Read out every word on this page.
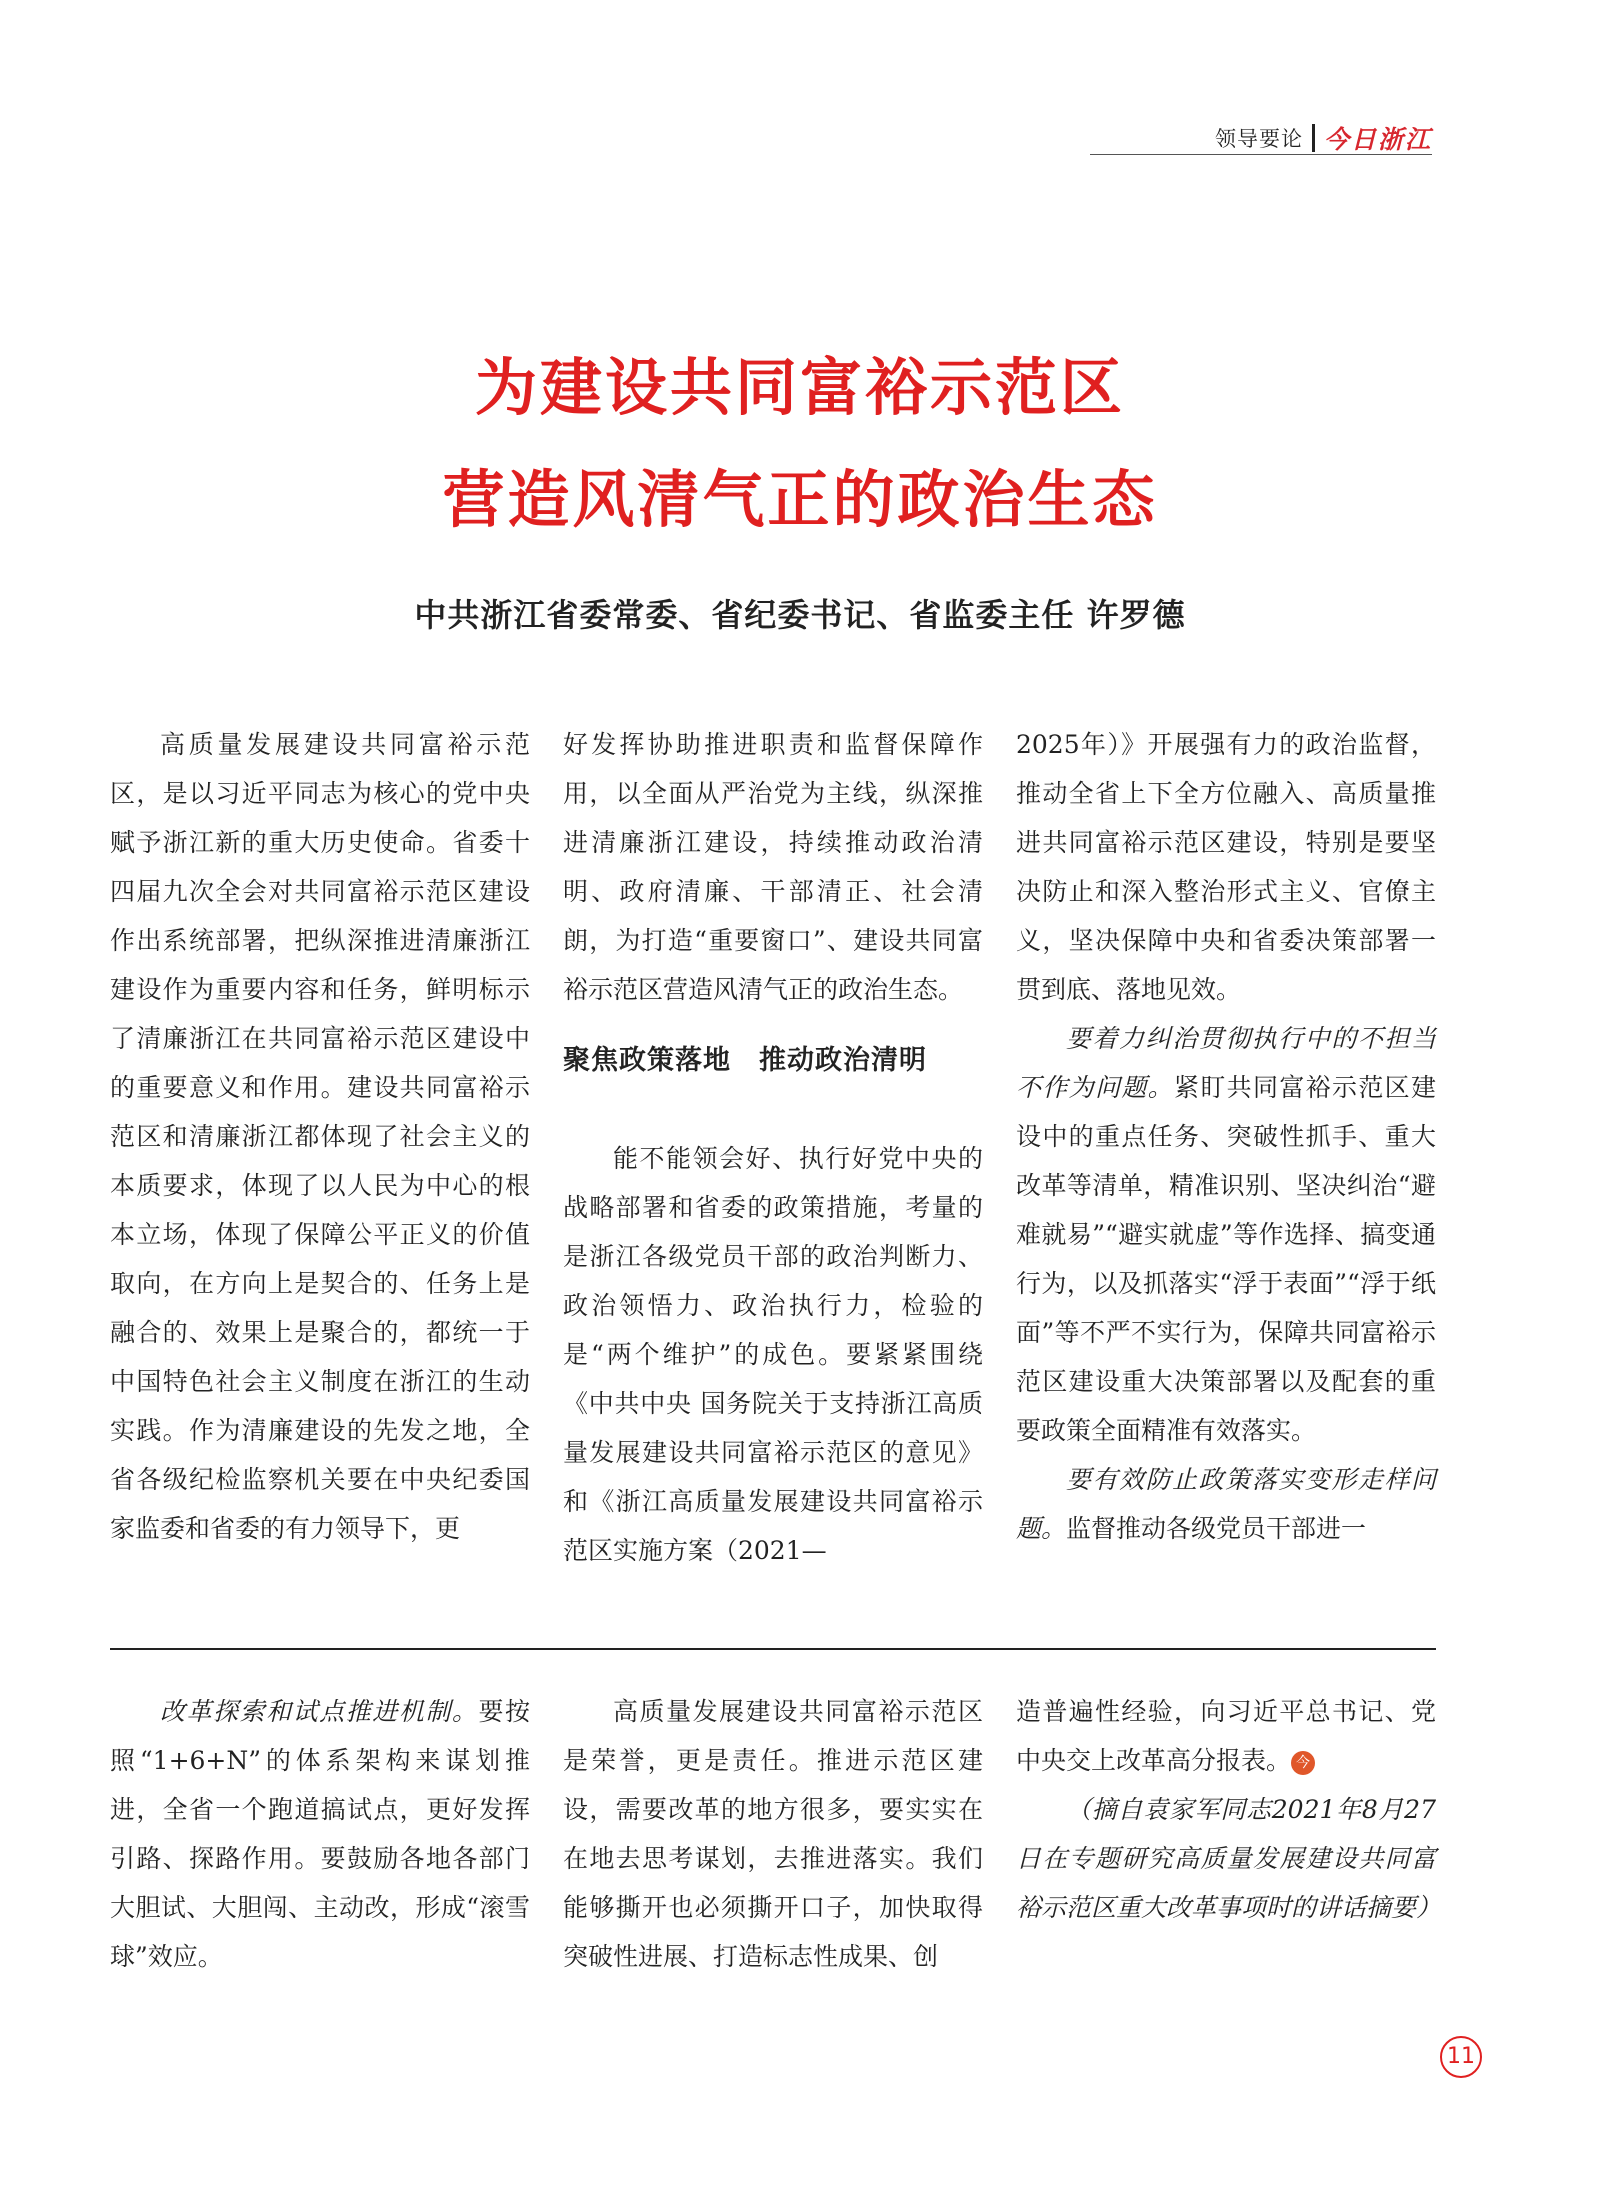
领导要论 今日浙江
为建设共同富裕示范区
营造风清气正的政治生态
中共浙江省委常委、省纪委书记、省监委主任 许罗德

高质量发展建设共同富裕示范区，是以习近平同志为核心的党中央赋予浙江新的重大历史使命。省委十四届九次全会对共同富裕示范区建设作出系统部署，把纵深推进清廉浙江建设作为重要内容和任务，鲜明标示了清廉浙江在共同富裕示范区建设中的重要意义和作用。建设共同富裕示范区和清廉浙江都体现了社会主义的本质要求，体现了以人民为中心的根本立场，体现了保障公平正义的价值取向，在方向上是契合的、任务上是融合的、效果上是聚合的，都统一于中国特色社会主义制度在浙江的生动实践。作为清廉建设的先发之地，全省各级纪检监察机关要在中央纪委国家监委和省委的有力领导下，更

好发挥协助推进职责和监督保障作用，以全面从严治党为主线，纵深推进清廉浙江建设，持续推动政治清明、政府清廉、干部清正、社会清朗，为打造“重要窗口”、建设共同富裕示范区营造风清气正的政治生态。

聚焦政策落地　推动政治清明

能不能领会好、执行好党中央的战略部署和省委的政策措施，考量的是浙江各级党员干部的政治判断力、政治领悟力、政治执行力，检验的是“两个维护”的成色。要紧紧围绕《中共中央 国务院关于支持浙江高质量发展建设共同富裕示范区的意见》和《浙江高质量发展建设共同富裕示范区实施方案（2021—

2025年）》开展强有力的政治监督，推动全省上下全方位融入、高质量推进共同富裕示范区建设，特别是要坚决防止和深入整治形式主义、官僚主义，坚决保障中央和省委决策部署一贯到底、落地见效。

要着力纠治贯彻执行中的不担当不作为问题。紧盯共同富裕示范区建设中的重点任务、突破性抓手、重大改革等清单，精准识别、坚决纠治“避难就易”“避实就虚”等作选择、搞变通行为，以及抓落实“浮于表面”“浮于纸面”等不严不实行为，保障共同富裕示范区建设重大决策部署以及配套的重要政策全面精准有效落实。

要有效防止政策落实变形走样问题。监督推动各级党员干部进一

改革探索和试点推进机制。要按照“1+6+N”的体系架构来谋划推进，全省一个跑道搞试点，更好发挥引路、探路作用。要鼓励各地各部门大胆试、大胆闯、主动改，形成“滚雪球”效应。

高质量发展建设共同富裕示范区是荣誉，更是责任。推进示范区建设，需要改革的地方很多，要实实在在地去思考谋划，去推进落实。我们能够撕开也必须撕开口子，加快取得突破性进展、打造标志性成果、创

造普遍性经验，向习近平总书记、党中央交上改革高分报表。 今

（摘自袁家军同志2021年8月27日在专题研究高质量发展建设共同富裕示范区重大改革事项时的讲话摘要）

11
